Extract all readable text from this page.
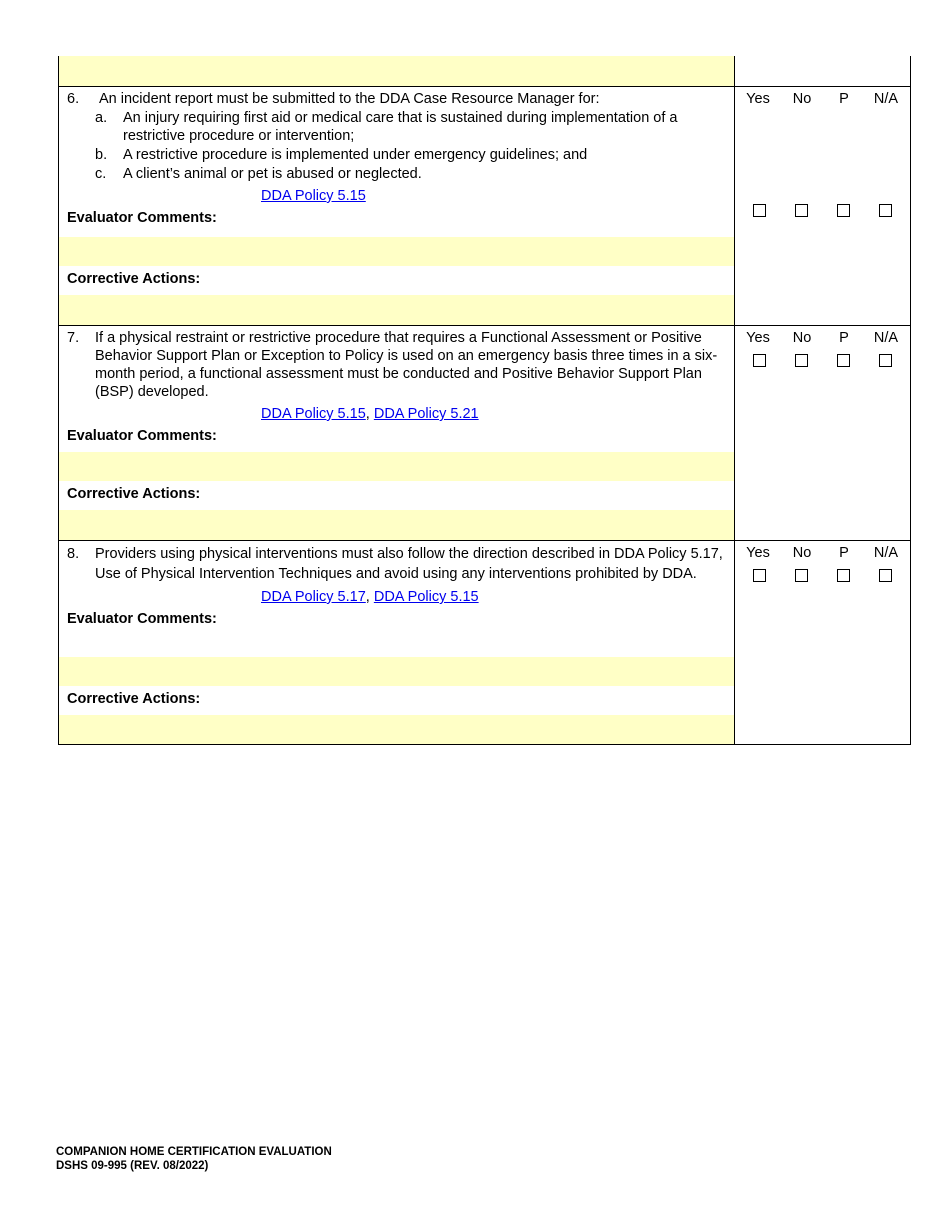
6. An incident report must be submitted to the DDA Case Resource Manager for:
a. An injury requiring first aid or medical care that is sustained during implementation of a restrictive procedure or intervention;
b. A restrictive procedure is implemented under emergency guidelines; and
c. A client’s animal or pet is abused or neglected.
DDA Policy 5.15
Evaluator Comments:
Yes	No	P	N/A
Corrective Actions:
7. If a physical restraint or restrictive procedure that requires a Functional Assessment or Positive Behavior Support Plan or Exception to Policy is used on an emergency basis three times in a six-month period, a functional assessment must be conducted and Positive Behavior Support Plan (BSP) developed.
DDA Policy 5.15, DDA Policy 5.21
Evaluator Comments:
Yes	No	P	N/A
Corrective Actions:
8. Providers using physical interventions must also follow the direction described in DDA Policy 5.17, Use of Physical Intervention Techniques and avoid using any interventions prohibited by DDA.
DDA Policy 5.17, DDA Policy 5.15
Evaluator Comments:
Yes	No	P	N/A
Corrective Actions:
COMPANION HOME CERTIFICATION EVALUATION
DSHS 09-995 (REV. 08/2022)
